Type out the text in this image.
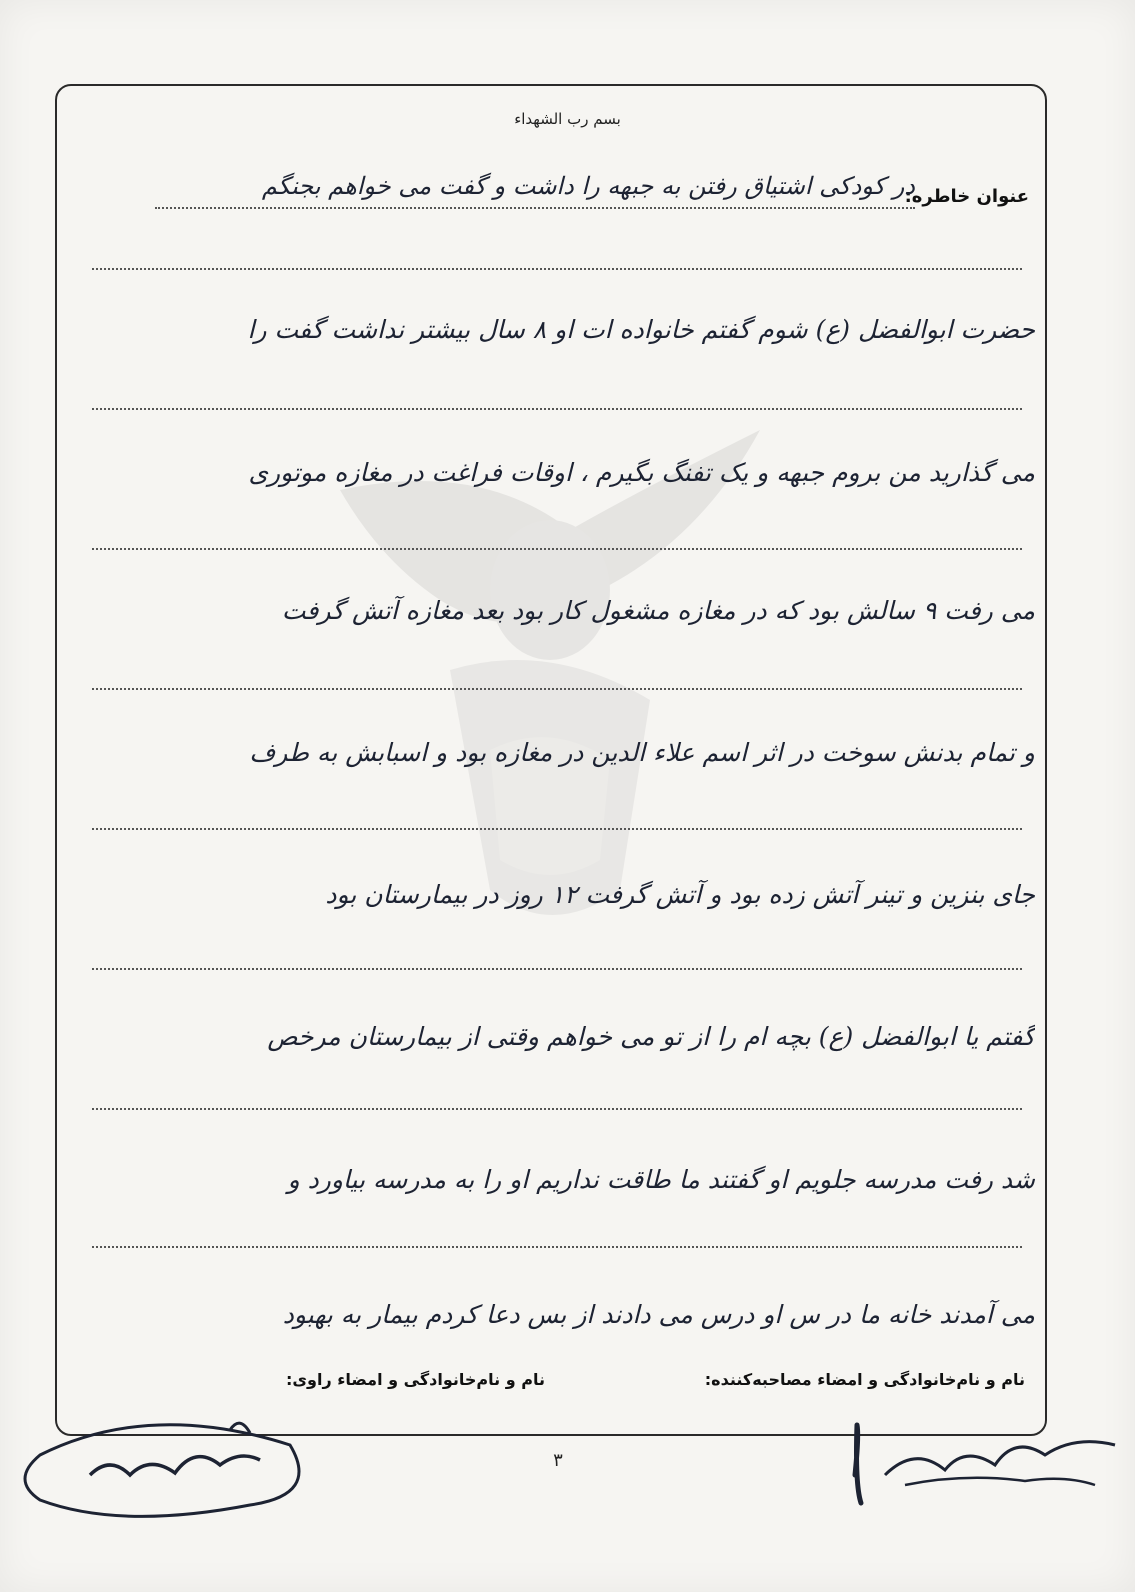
بسم رب الشهداء
عنوان خاطره:
در کودکی اشتیاق رفتن به جبهه را داشت و گفت می خواهم بجنگم
حضرت ابوالفضل (ع) شوم گفتم خانواده ات او ۸ سال بیشتر نداشت گفت را
می گذارید من بروم جبهه و یک تفنگ بگیرم ، اوقات فراغت در مغازه موتوری
می رفت ۹ سالش بود که در مغازه مشغول کار بود بعد مغازه آتش گرفت
و تمام بدنش سوخت در اثر اسم علاء الدین در مغازه بود و اسبابش به طرف
جای بنزین و تینر آتش زده بود و آتش گرفت ۱۲ روز در بیمارستان بود
گفتم یا ابوالفضل (ع) بچه ام را از تو می خواهم وقتی از بیمارستان مرخص
شد رفت مدرسه جلویم او گفتند ما طاقت نداریم او را به مدرسه بیاورد و
می آمدند خانه ما در س او درس می دادند از بس دعا کردم بیمار به بهبود
نام و نام‌خانوادگی و امضاء مصاحبه‌کننده:
نام و نام‌خانوادگی و امضاء راوی:
۳
